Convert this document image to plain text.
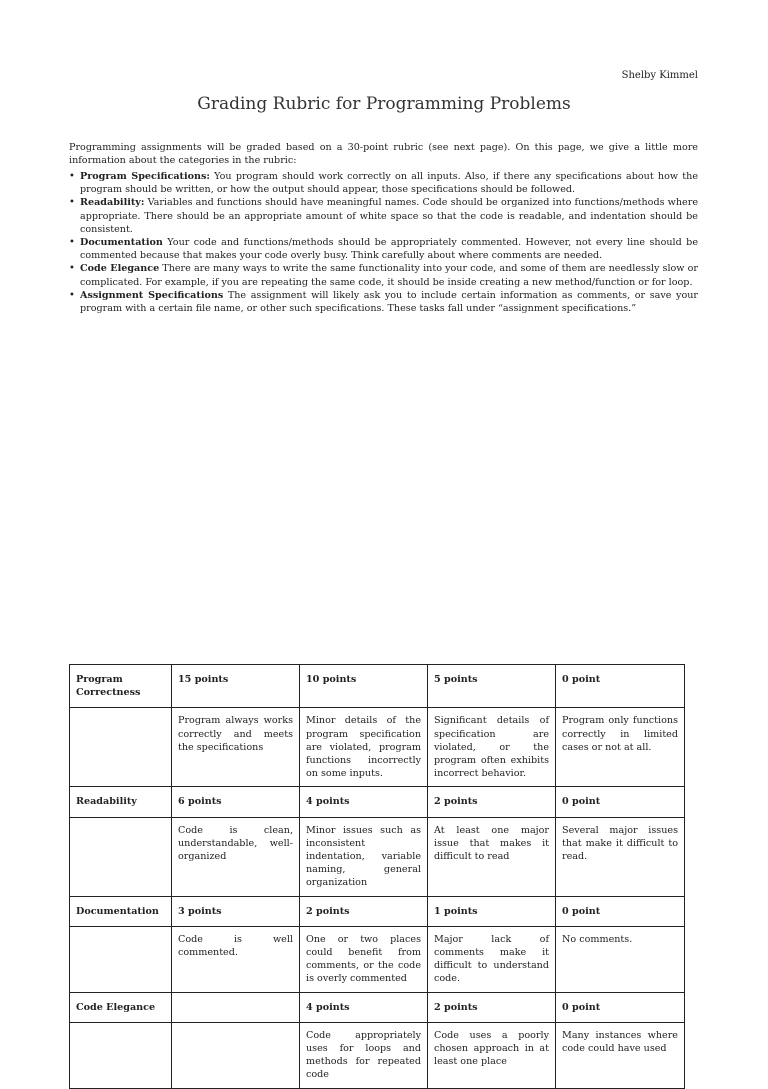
Shelby Kimmel

Grading Rubric for Programming Problems

Programming assignments will be graded based on a 30-point rubric (see next page). On this page, we give a little more information about the categories in the rubric:

• Program Specifications: You program should work correctly on all inputs. Also, if there any specifications about how the program should be written, or how the output should appear, those specifications should be followed.
• Readability: Variables and functions should have meaningful names. Code should be organized into functions/methods where appropriate. There should be an appropriate amount of white space so that the code is readable, and indentation should be consistent.
• Documentation Your code and functions/methods should be appropriately commented. However, not every line should be commented because that makes your code overly busy. Think carefully about where comments are needed.
• Code Elegance There are many ways to write the same functionality into your code, and some of them are needlessly slow or complicated. For example, if you are repeating the same code, it should be inside creating a new method/function or for loop.
• Assignment Specifications The assignment will likely ask you to include certain information as comments, or save your program with a certain file name, or other such specifications. These tasks fall under “assignment specifications.”
Program Correctness	15 points	10 points	5 points	0 point
	Program always works correctly and meets the specifications	Minor details of the program specification are violated, program functions incorrectly on some inputs.	Significant details of specification are violated, or the program often exhibits incorrect behavior.	Program only functions correctly in limited cases or not at all.
Readability	6 points	4 points	2 points	0 point
	Code is clean, understandable, well-organized	Minor issues such as inconsistent indentation, variable naming, general organization	At least one major issue that makes it difficult to read	Several major issues that make it difficult to read.
Documentation	3 points	2 points	1 points	0 point
	Code is well commented.	One or two places could benefit from comments, or the code is overly commented	Major lack of comments make it difficult to understand code.	No comments.
Code Elegance		4 points	2 points	0 point
		Code appropriately uses for loops and methods for repeated code	Code uses a poorly chosen approach in at least one place	Many instances where code could have used
